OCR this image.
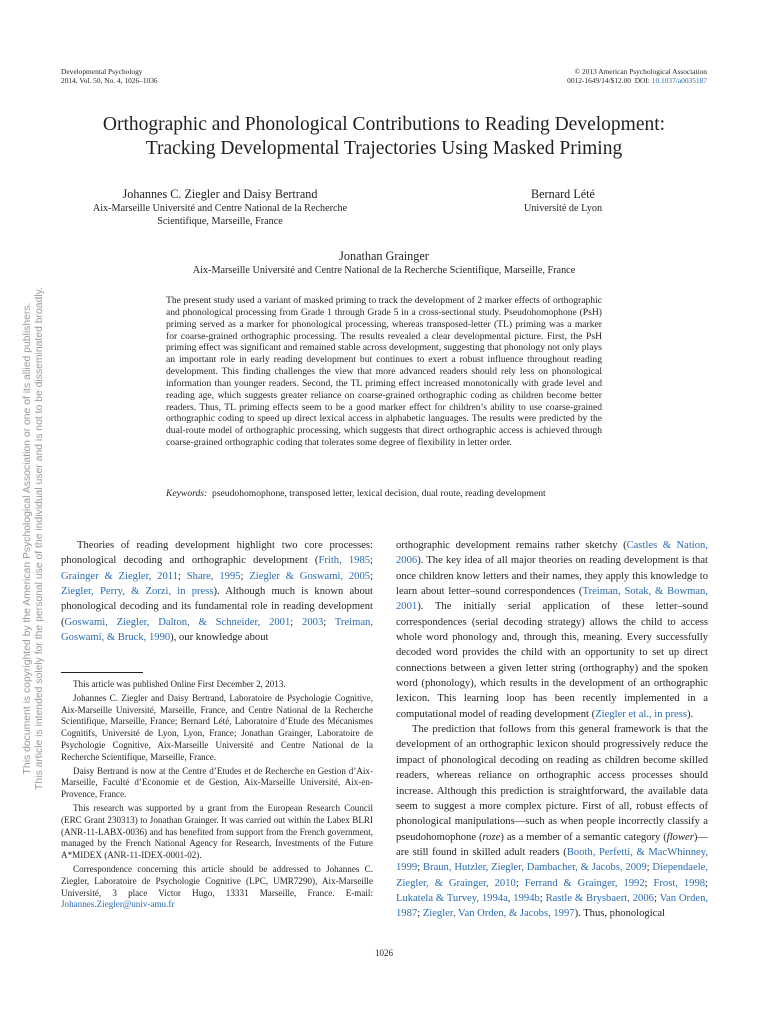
Developmental Psychology
2014, Vol. 50, No. 4, 1026–1036
© 2013 American Psychological Association
0012-1649/14/$12.00 DOI: 10.1037/a0035187
Orthographic and Phonological Contributions to Reading Development:
Tracking Developmental Trajectories Using Masked Priming
Johannes C. Ziegler and Daisy Bertrand
Aix-Marseille Université and Centre National de la Recherche Scientifique, Marseille, France
Bernard Lété
Université de Lyon
Jonathan Grainger
Aix-Marseille Université and Centre National de la Recherche Scientifique, Marseille, France
The present study used a variant of masked priming to track the development of 2 marker effects of orthographic and phonological processing from Grade 1 through Grade 5 in a cross-sectional study. Pseudohomophone (PsH) priming served as a marker for phonological processing, whereas transposed-letter (TL) priming was a marker for coarse-grained orthographic processing. The results revealed a clear developmental picture. First, the PsH priming effect was significant and remained stable across development, suggesting that phonology not only plays an important role in early reading development but continues to exert a robust influence throughout reading development. This finding challenges the view that more advanced readers should rely less on phonological information than younger readers. Second, the TL priming effect increased monotonically with grade level and reading age, which suggests greater reliance on coarse-grained orthographic coding as children become better readers. Thus, TL priming effects seem to be a good marker effect for children’s ability to use coarse-grained orthographic coding to speed up direct lexical access in alphabetic languages. The results were predicted by the dual-route model of orthographic processing, which suggests that direct orthographic access is achieved through coarse-grained orthographic coding that tolerates some degree of flexibility in letter order.
Keywords: pseudohomophone, transposed letter, lexical decision, dual route, reading development

Theories of reading development highlight two core processes: phonological decoding and orthographic development (Frith, 1985; Grainger & Ziegler, 2011; Share, 1995; Ziegler & Goswami, 2005; Ziegler, Perry, & Zorzi, in press). Although much is known about phonological decoding and its fundamental role in reading development (Goswami, Ziegler, Dalton, & Schneider, 2001; 2003; Treiman, Goswami, & Bruck, 1990), our knowledge about

This article was published Online First December 2, 2013.

Johannes C. Ziegler and Daisy Bertrand, Laboratoire de Psychologie Cognitive, Aix-Marseille Université, Marseille, France, and Centre National de la Recherche Scientifique, Marseille, France; Bernard Lété, Laboratoire d’Etude des Mécanismes Cognitifs, Université de Lyon, Lyon, France; Jonathan Grainger, Laboratoire de Psychologie Cognitive, Aix-Marseille Université and Centre National de la Recherche Scientifique, Marseille, France.

Daisy Bertrand is now at the Centre d’Etudes et de Recherche en Gestion d’Aix-Marseille, Faculté d’Economie et de Gestion, Aix-Marseille Université, Aix-en-Provence, France.

This research was supported by a grant from the European Research Council (ERC Grant 230313) to Jonathan Grainger. It was carried out within the Labex BLRI (ANR-11-LABX-0036) and has benefited from support from the French government, managed by the French National Agency for Research, Investments of the Future A*MIDEX (ANR-11-IDEX-0001-02).

Correspondence concerning this article should be addressed to Johannes C. Ziegler, Laboratoire de Psychologie Cognitive (LPC, UMR7290), Aix-Marseille Université, 3 place Victor Hugo, 13331 Marseille, France. E-mail: Johannes.Ziegler@univ-amu.fr

orthographic development remains rather sketchy (Castles & Nation, 2006). The key idea of all major theories on reading development is that once children know letters and their names, they apply this knowledge to learn about letter–sound correspondences (Treiman, Sotak, & Bowman, 2001). The initially serial application of these letter–sound correspondences (serial decoding strategy) allows the child to access whole word phonology and, through this, meaning. Every successfully decoded word provides the child with an opportunity to set up direct connections between a given letter string (orthography) and the spoken word (phonology), which results in the development of an orthographic lexicon. This learning loop has been recently implemented in a computational model of reading development (Ziegler et al., in press).

The prediction that follows from this general framework is that the development of an orthographic lexicon should progressively reduce the impact of phonological decoding on reading as children become skilled readers, whereas reliance on orthographic access processes should increase. Although this prediction is straightforward, the available data seem to suggest a more complex picture. First of all, robust effects of phonological manipulations—such as when people incorrectly classify a pseudohomophone (roze) as a member of a semantic category (flower)—are still found in skilled adult readers (Booth, Perfetti, & MacWhinney, 1999; Braun, Hutzler, Ziegler, Dambacher, & Jacobs, 2009; Diependaele, Ziegler, & Grainger, 2010; Ferrand & Grainger, 1992; Frost, 1998; Lukatela & Turvey, 1994a, 1994b; Rastle & Brysbaert, 2006; Van Orden, 1987; Ziegler, Van Orden, & Jacobs, 1997). Thus, phonological

1026
This document is copyrighted by the American Psychological Association or one of its allied publishers. This article is intended solely for the personal use of the individual user and is not to be disseminated broadly.
